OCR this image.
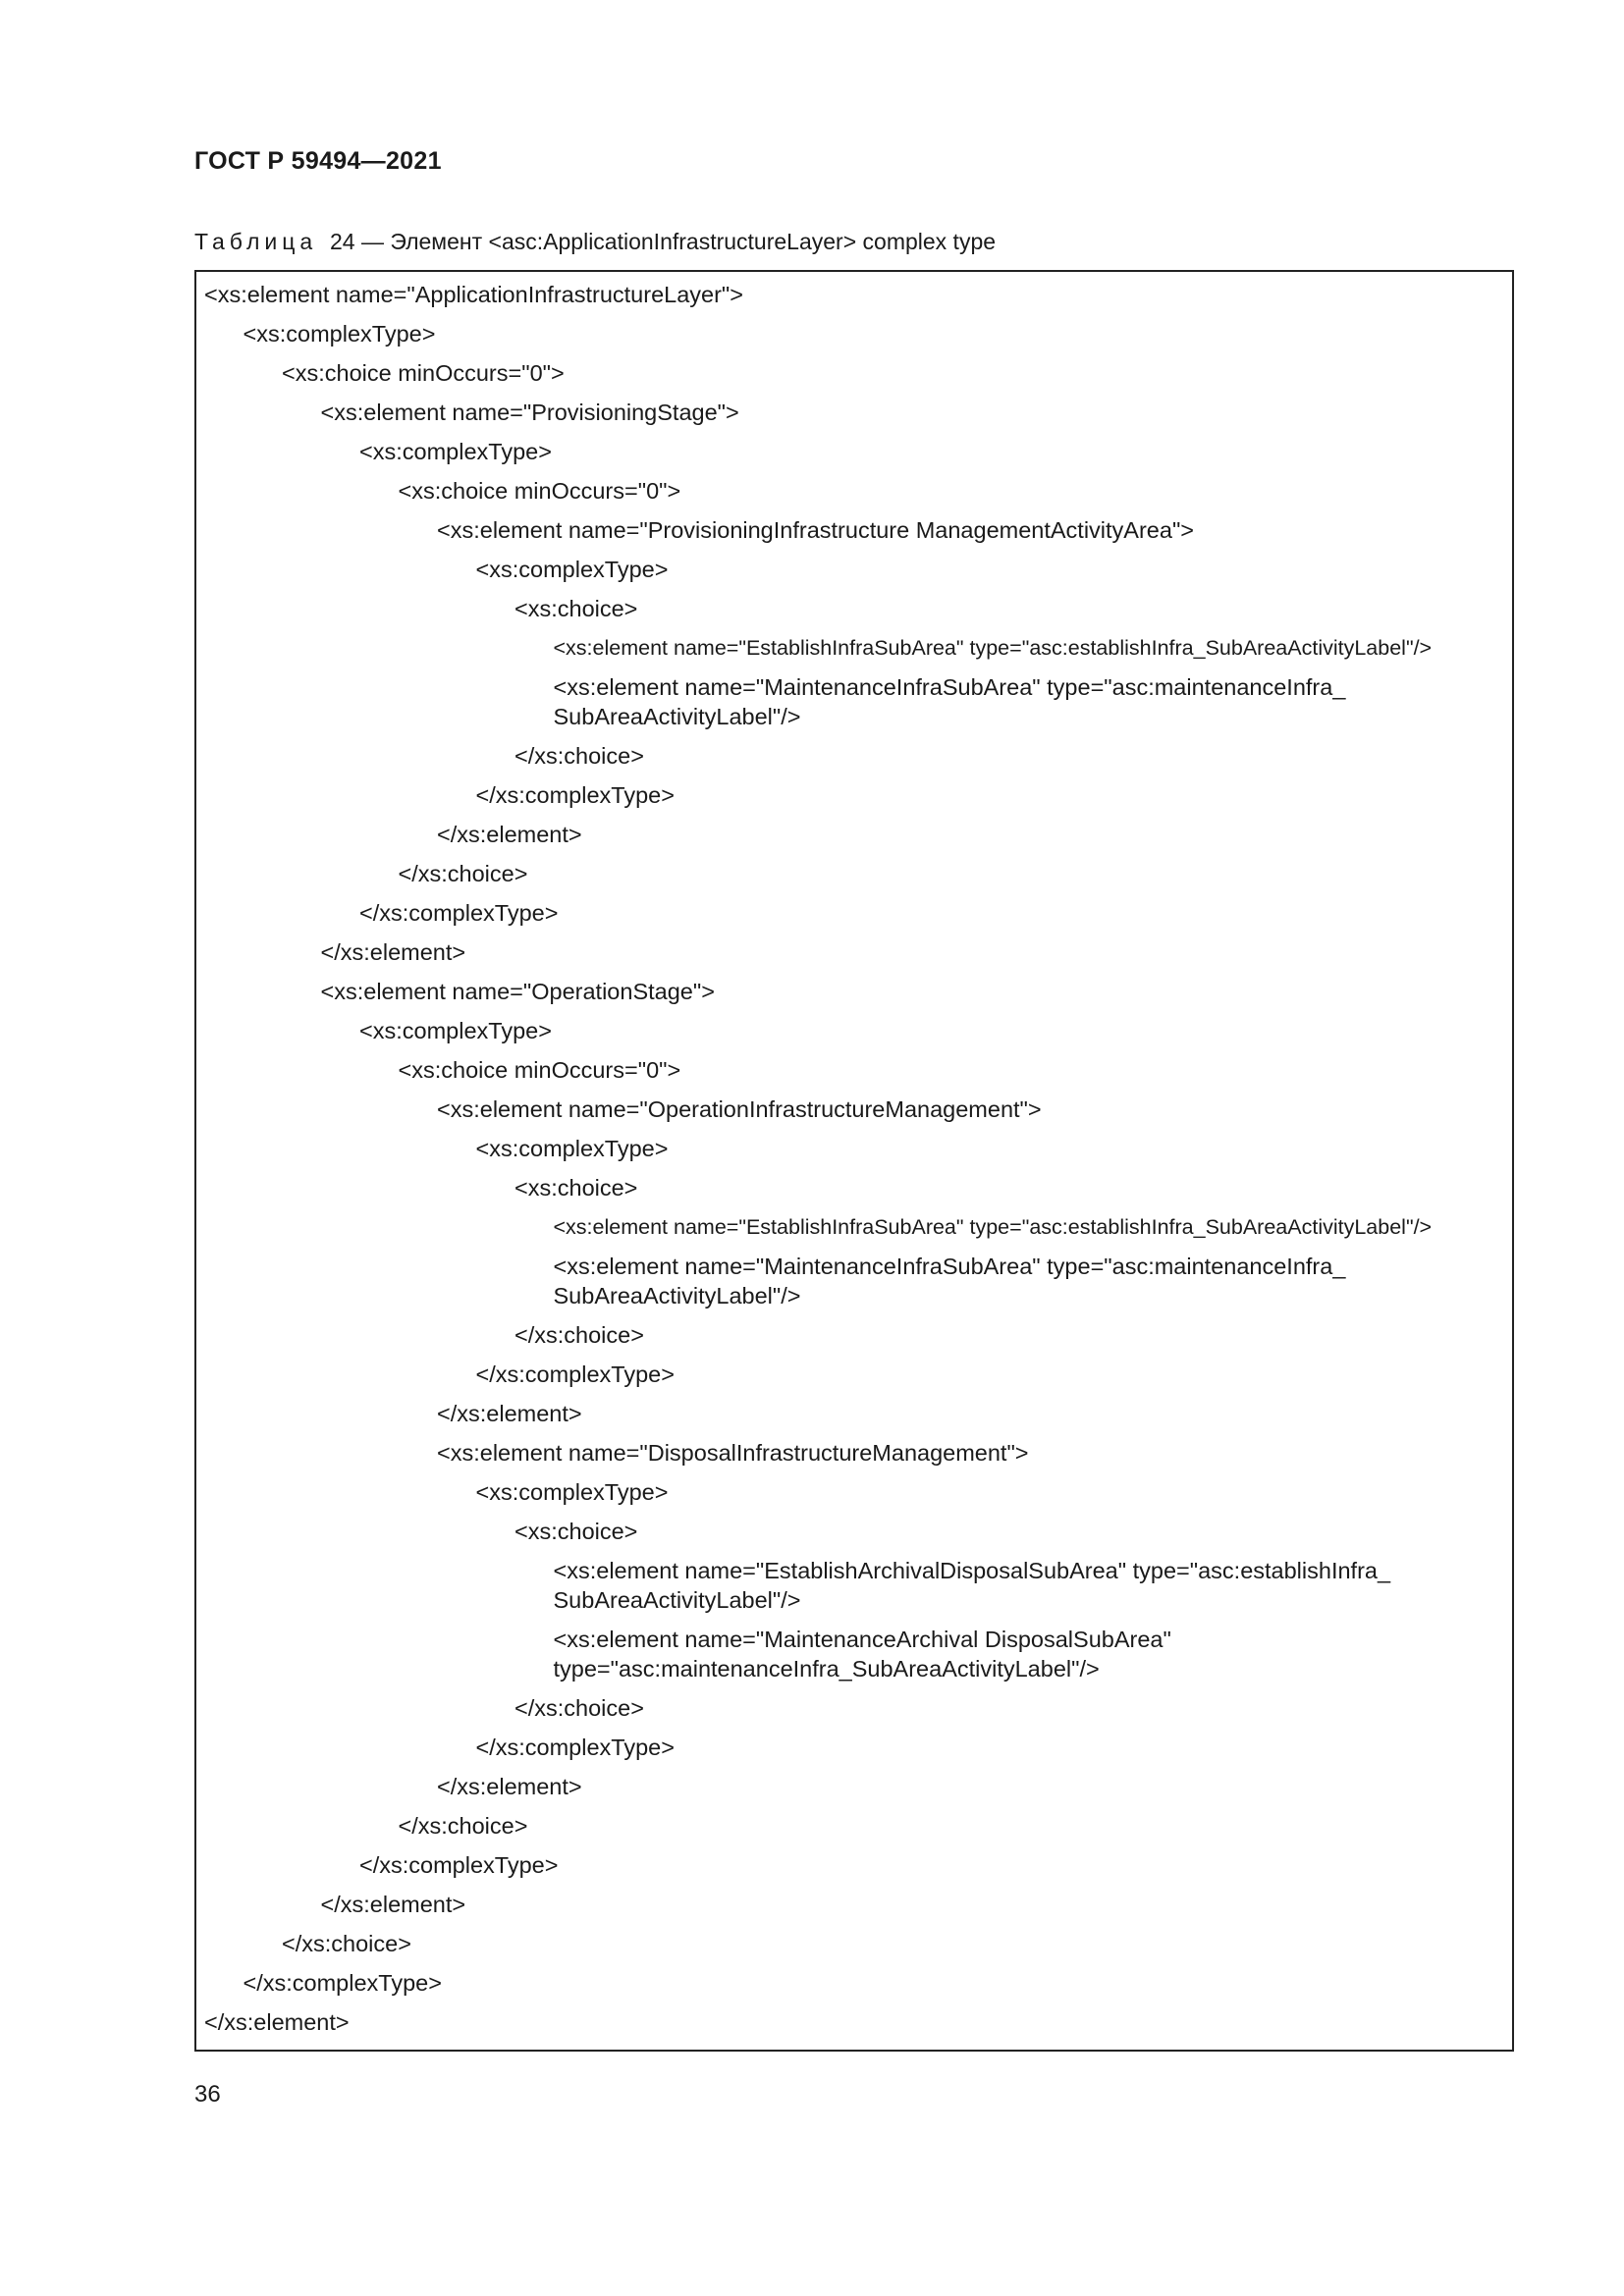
ГОСТ Р 59494—2021
Таблица 24 — Элемент <asc:ApplicationInfrastructureLayer> complex type
<xs:element name="ApplicationInfrastructureLayer">
<xs:complexType>
<xs:choice minOccurs="0">
<xs:element name="ProvisioningStage">
<xs:complexType>
<xs:choice minOccurs="0">
<xs:element name="ProvisioningInfrastructure ManagementActivityArea">
<xs:complexType>
<xs:choice>
<xs:element name="EstablishInfraSubArea" type="asc:establishInfra_SubAreaActivityLabel"/>
<xs:element name="MaintenanceInfraSubArea" type="asc:maintenanceInfra_
SubAreaActivityLabel"/>
</xs:choice>
</xs:complexType>
</xs:element>
</xs:choice>
</xs:complexType>
</xs:element>
<xs:element name="OperationStage">
<xs:complexType>
<xs:choice minOccurs="0">
<xs:element name="OperationInfrastructureManagement">
<xs:complexType>
<xs:choice>
<xs:element name="EstablishInfraSubArea" type="asc:establishInfra_SubAreaActivityLabel"/>
<xs:element name="MaintenanceInfraSubArea" type="asc:maintenanceInfra_
SubAreaActivityLabel"/>
</xs:choice>
</xs:complexType>
</xs:element>
<xs:element name="DisposalInfrastructureManagement">
<xs:complexType>
<xs:choice>
<xs:element name="EstablishArchivalDisposalSubArea" type="asc:establishInfra_
SubAreaActivityLabel"/>
<xs:element name="MaintenanceArchival DisposalSubArea"
type="asc:maintenanceInfra_SubAreaActivityLabel"/>
</xs:choice>
</xs:complexType>
</xs:element>
</xs:choice>
</xs:complexType>
</xs:element>
</xs:choice>
</xs:complexType>
</xs:element>
36
